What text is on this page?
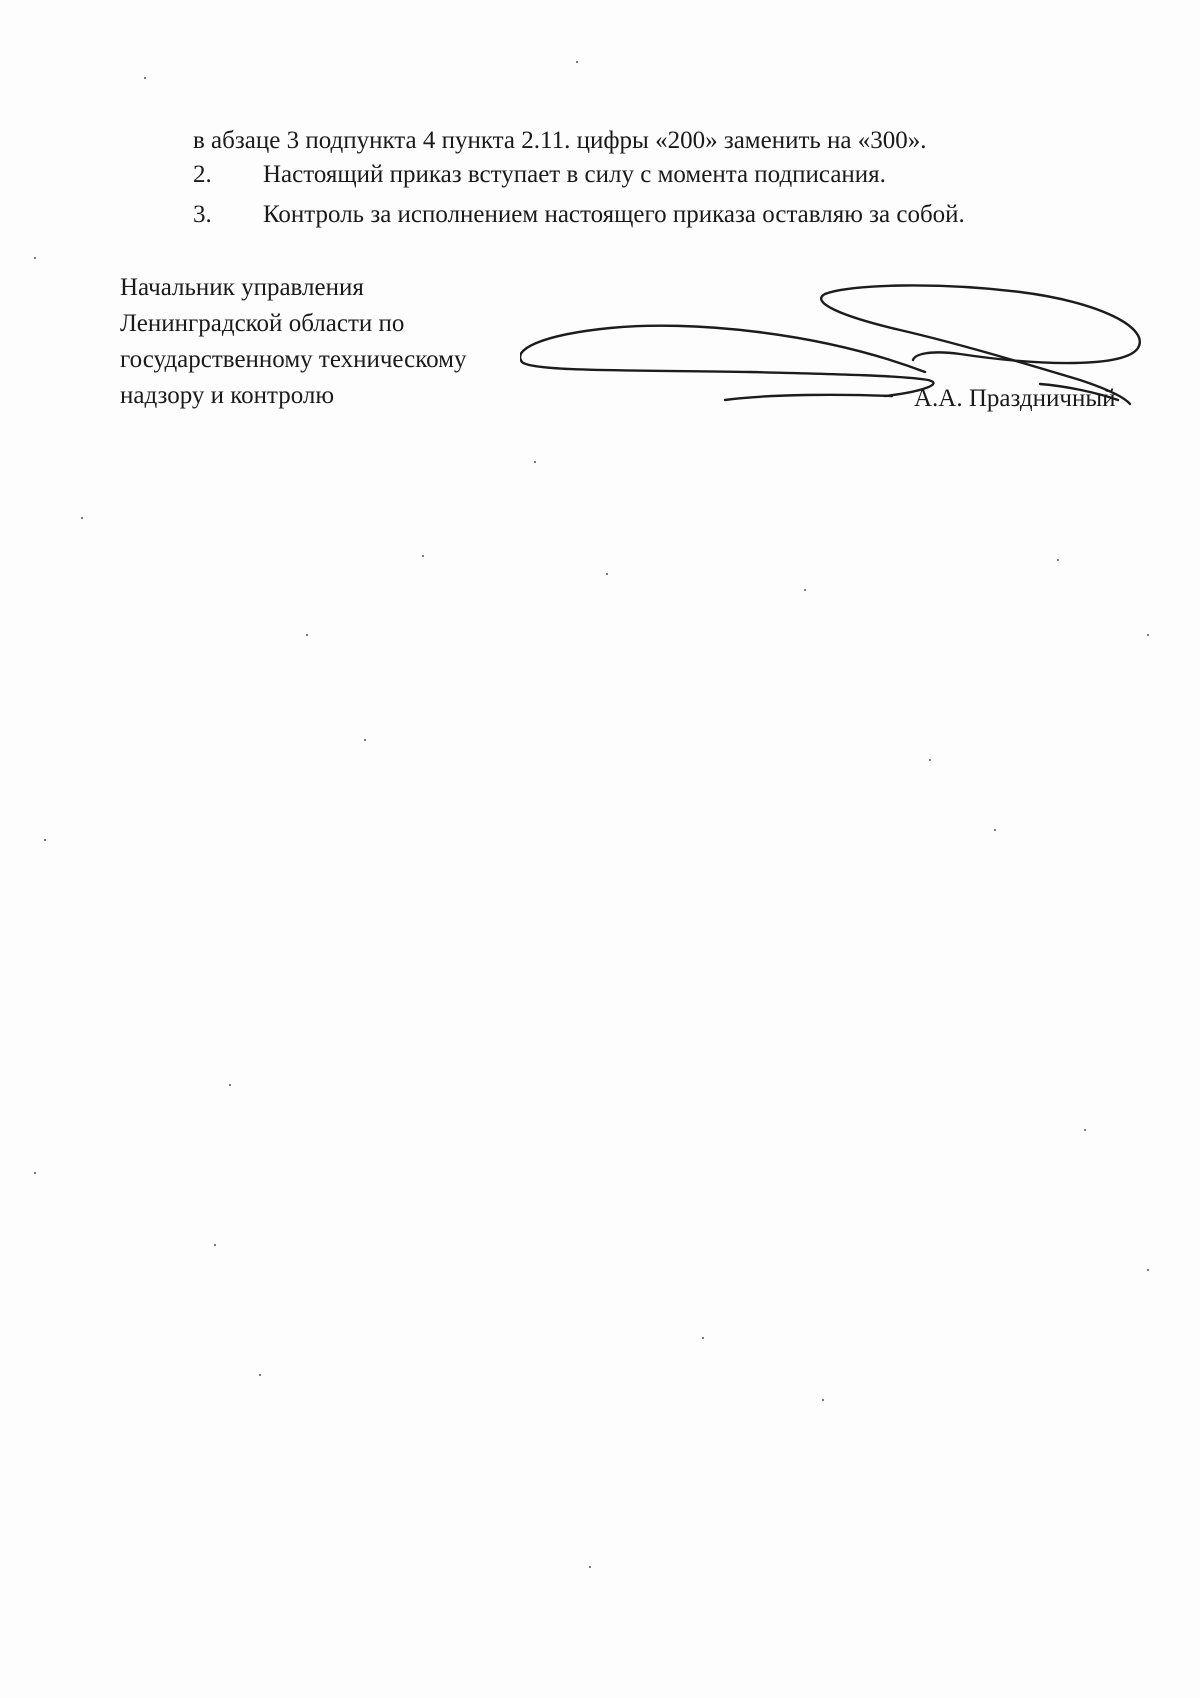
в абзаце 3 подпункта 4 пункта 2.11. цифры «200» заменить на «300».
2. Настоящий приказ вступает в силу с момента подписания.
3. Контроль за исполнением настоящего приказа оставляю за собой.
Начальник управления
Ленинградской области по
государственному техническому
надзору и контролю	А.А. Праздничный
